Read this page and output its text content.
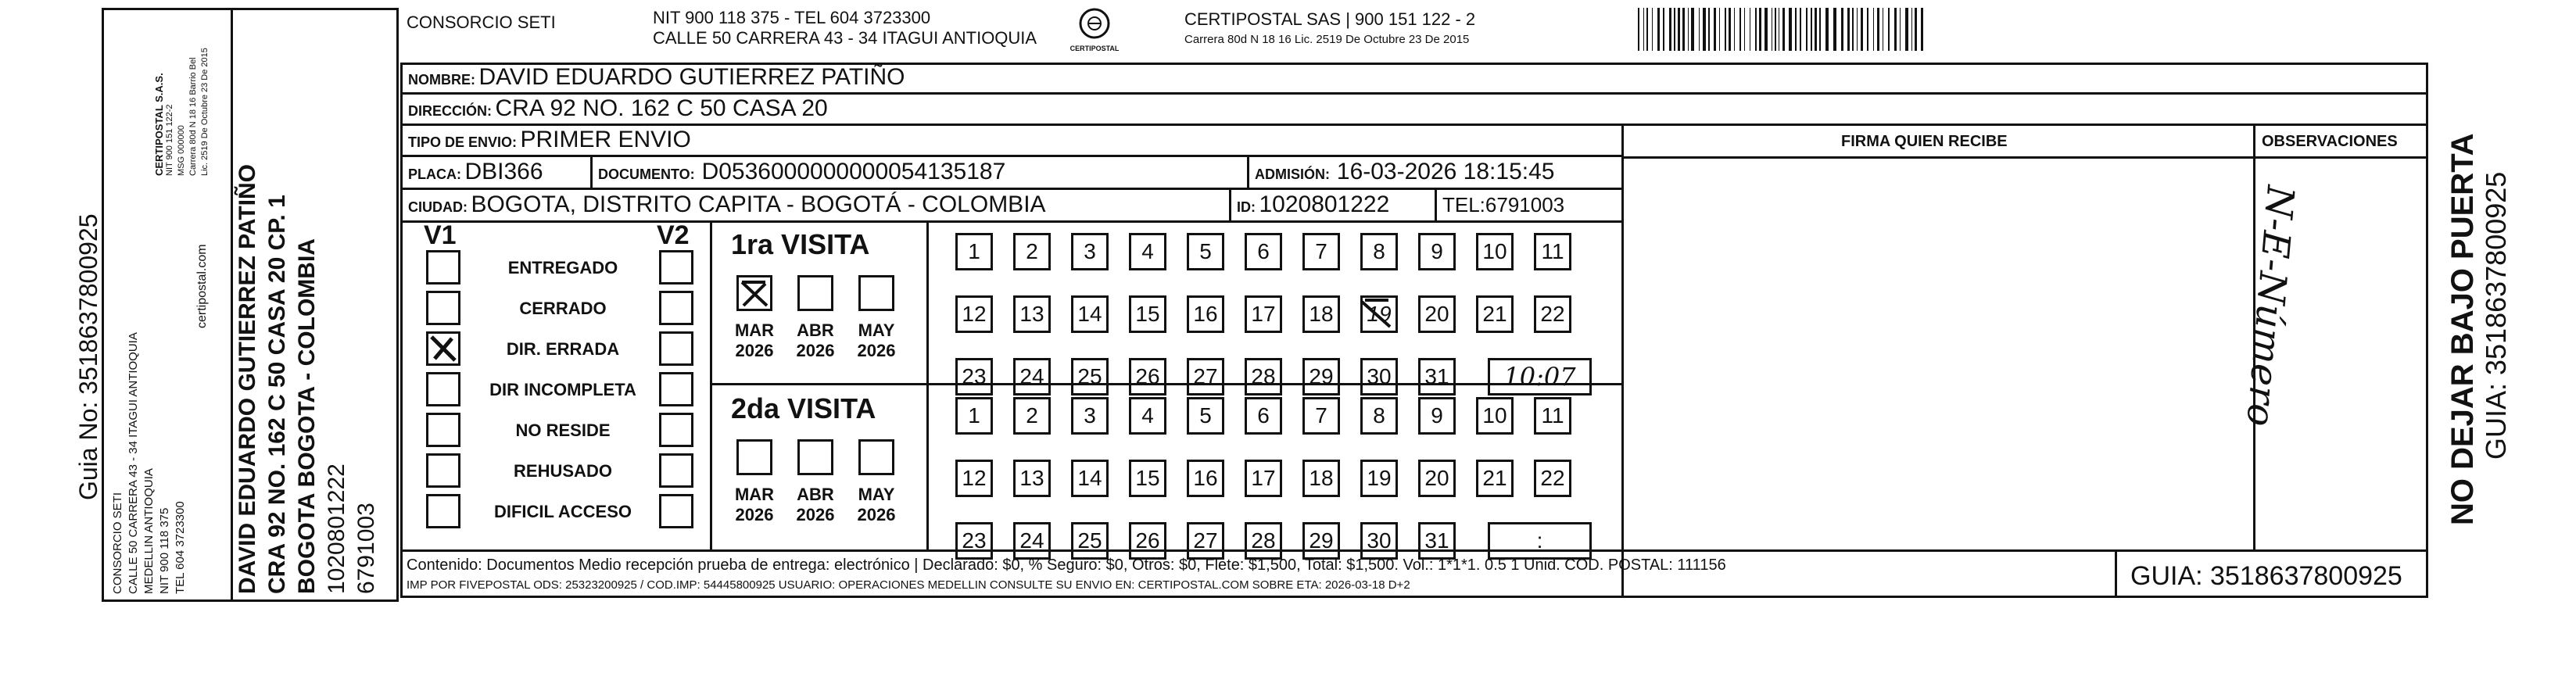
Guia No: 3518637800925	certipostal.com
CONSORCIO SETI	NIT 900 118 375 - TEL 604 3723300
CALLE 50 CARRERA 43 - 34 ITAGUI ANTIOQUIA
CERTIPOSTAL
CERTIPOSTAL SAS | 900 151 122 - 2
Carrera 80d N 18 16 Lic. 2519 De Octubre 23 De 2015
NOMBRE: DAVID EDUARDO GUTIERREZ PATIÑO
DIRECCIÓN: CRA 92 NO. 162 C 50 CASA 20
TIPO DE ENVIO: PRIMER ENVIO
PLACA: DBI366	DOCUMENTO: D0536000000000054135187	ADMISIÓN: 16-03-2026 18:15:45
CIUDAD: BOGOTA, DISTRITO CAPITA - BOGOTÁ - COLOMBIA	ID: 1020801222	TEL:6791003
FIRMA QUIEN RECIBE	OBSERVACIONES
N-E-Número
V1	V2
ENTREGADO
CERRADO
DIR. ERRADA
DIR INCOMPLETA
NO RESIDE
REHUSADO
DIFICIL ACCESO
1ra VISITA
2da VISITA
MAR
2026
ABR
2026
MAY
2026
1	2	3	4	5	6	7	8	9	10	11
12	13	14	15	16	17	18	19	20	21	22
23	24	25	26	27	28	29	30	31	10:07
MAR
2026
ABR
2026
MAY
2026
1	2	3	4	5	6	7	8	9	10	11
12	13	14	15	16	17	18	19	20	21	22
23	24	25	26	27	28	29	30	31	:
Contenido: Documentos Medio recepción prueba de entrega: electrónico | Declarado: $0, % Seguro: $0, Otros: $0, Flete: $1,500, Total: $1,500. Vol.: 1*1*1. 0.5 1 Unid. COD. POSTAL: 111156
IMP POR FIVEPOSTAL ODS: 25323200925 / COD.IMP: 54445800925 USUARIO: OPERACIONES MEDELLIN CONSULTE SU ENVIO EN: CERTIPOSTAL.COM SOBRE ETA: 2026-03-18 D+2	GUIA: 3518637800925
NO DEJAR BAJO PUERTA GUIA: 3518637800925
CONSORCIO SETI CALLE 50 CARRERA 43 - 34 ITAGUI ANTIOQUIA MEDELLIN ANTIOQUIA NIT 900 118 375 TEL 604 3723300
CERTIPOSTAL S.A.S. NIT 900 151 122-2 MSG 000000 Carrera 80d N 18 16 Barrio Bel Lic. 2519 De Octubre 23 De 2015
DAVID EDUARDO GUTIERREZ PATIÑO CRA 92 NO. 162 C 50 CASA 20 CP. 1 BOGOTA BOGOTA - COLOMBIA 1020801222 6791003
